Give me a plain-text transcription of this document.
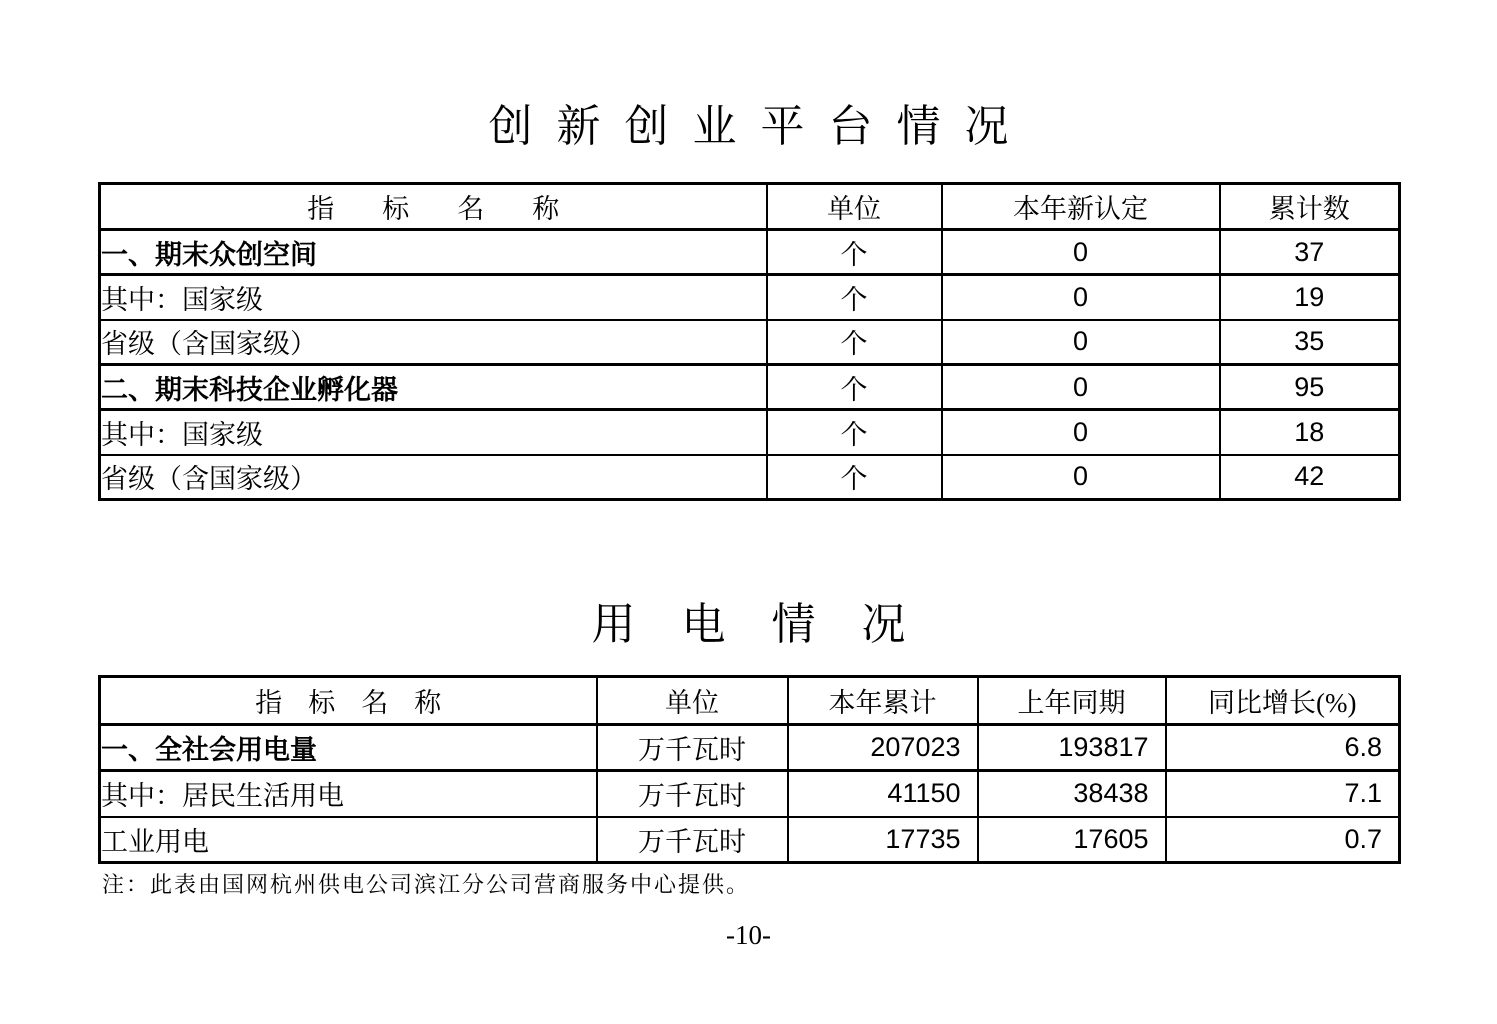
创新创业平台情况
指标名称	单位	本年新认定	累计数
一、期末众创空间	个	0	37
其中：国家级	个	0	19
省级（含国家级）	个	0	35
二、期末科技企业孵化器	个	0	95
其中：国家级	个	0	18
省级（含国家级）	个	0	42
用电情况
指标名称	单位	本年累计	上年同期	同比增长(%)
一、全社会用电量	万千瓦时	207023	193817	6.8
其中：居民生活用电	万千瓦时	41150	38438	7.1
工业用电	万千瓦时	17735	17605	0.7
注：此表由国网杭州供电公司滨江分公司营商服务中心提供。
-10-
